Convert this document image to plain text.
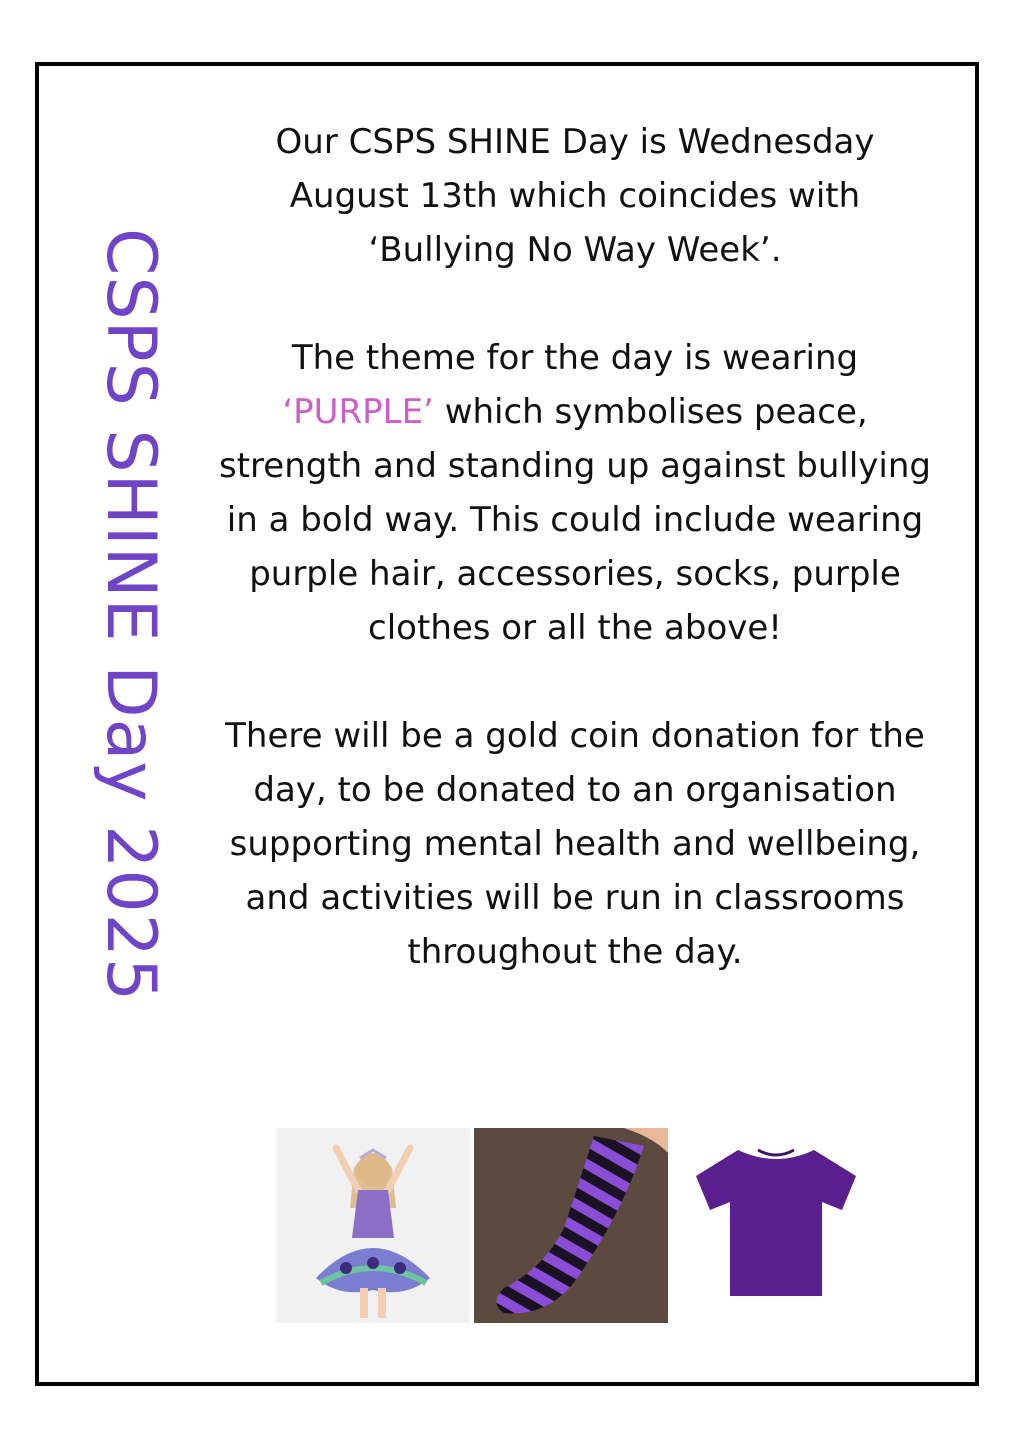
CSPS SHINE Day 2025

Our CSPS SHINE Day is Wednesday August 13th which coincides with ‘Bullying No Way Week’.

The theme for the day is wearing ‘PURPLE’ which symbolises peace, strength and standing up against bullying in a bold way. This could include wearing purple hair, accessories, socks, purple clothes or all the above!

There will be a gold coin donation for the day, to be donated to an organisation supporting mental health and wellbeing, and activities will be run in classrooms throughout the day.
